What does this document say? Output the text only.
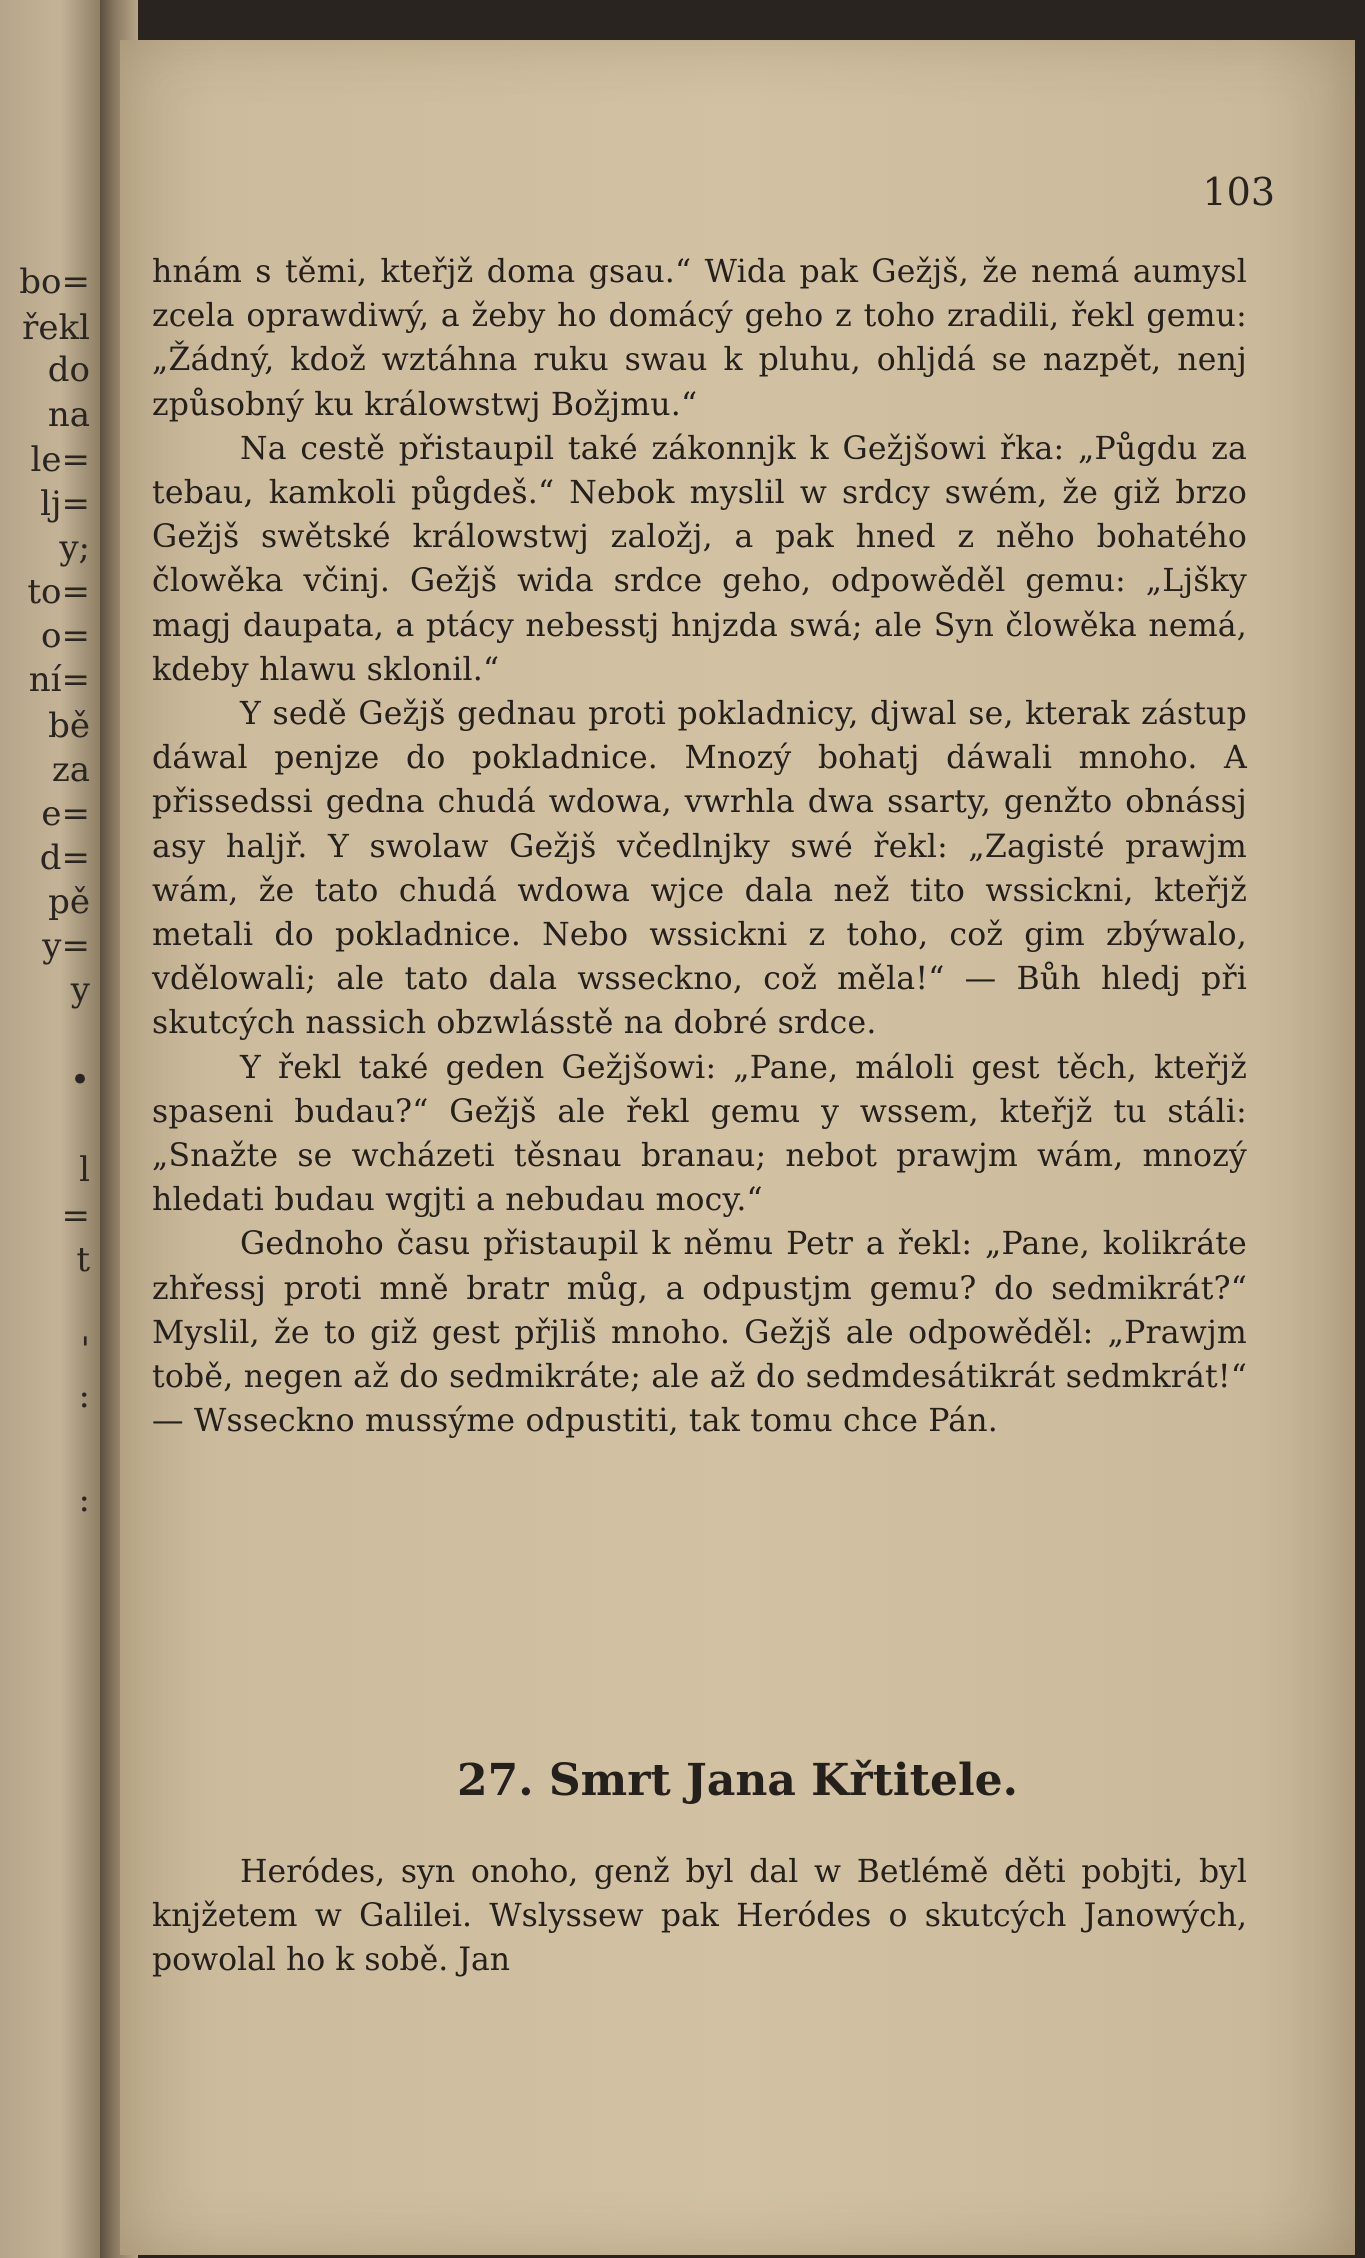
bo=
řekl
do
na
le=
lj=
y;
to=
o=
ní=
bě
za
e=
d=
pě
y=
y
•
l
=
t
'
:
:
103

hnám s těmi, kteřjž doma gsau.“ Wida pak Gežjš, že nemá aumysl zcela oprawdiwý, a žeby ho domácý geho z toho zradili, řekl gemu: „Žádný, kdož wztáhna ruku swau k pluhu, ohljdá se nazpět, nenj způsobný ku králowstwj Božjmu.“

Na cestě přistaupil také zákonnjk k Gežjšowi řka: „Půgdu za tebau, kamkoli půgdeš.“ Nebok myslil w srdcy swém, že giž brzo Gežjš swětské králowstwj založj, a pak hned z něho bohatého člowěka včinj. Gežjš wida srdce geho, odpowěděl gemu: „Ljšky magj daupata, a ptácy nebesstj hnjzda swá; ale Syn člowěka nemá, kdeby hlawu sklonil.“

Y sedě Gežjš gednau proti pokladnicy, djwal se, kterak zástup dáwal penjze do pokladnice. Mnozý bohatj dáwali mnoho. A přissedssi gedna chudá wdowa, vwrhla dwa ssarty, genžto obnássj asy haljř. Y swolaw Gežjš včedlnjky swé řekl: „Zagisté prawjm wám, že tato chudá wdowa wjce dala než tito wssickni, kteřjž metali do pokladnice. Nebo wssickni z toho, což gim zbýwalo, vdělowali; ale tato dala wsseckno, což měla!“ — Bůh hledj při skutcých nassich obzwlásstě na dobré srdce.

Y řekl také geden Gežjšowi: „Pane, máloli gest těch, kteřjž spaseni budau?“ Gežjš ale řekl gemu y wssem, kteřjž tu stáli: „Snažte se wcházeti těsnau branau; nebot prawjm wám, mnozý hledati budau wgjti a nebudau mocy.“

Gednoho času přistaupil k němu Petr a řekl: „Pane, kolikráte zhřessj proti mně bratr můg, a odpustjm gemu? do sedmikrát?“ Myslil, že to giž gest přjliš mnoho. Gežjš ale odpowěděl: „Prawjm tobě, negen až do sedmikráte; ale až do sedmdesátikrát sedmkrát!“ — Wsseckno mussýme odpustiti, tak tomu chce Pán.

27. Smrt Jana Křtitele.

Heródes, syn onoho, genž byl dal w Betlémě děti pobjti, byl knjžetem w Galilei. Wslyssew pak Heródes o skutcých Janowých, powolal ho k sobě. Jan
